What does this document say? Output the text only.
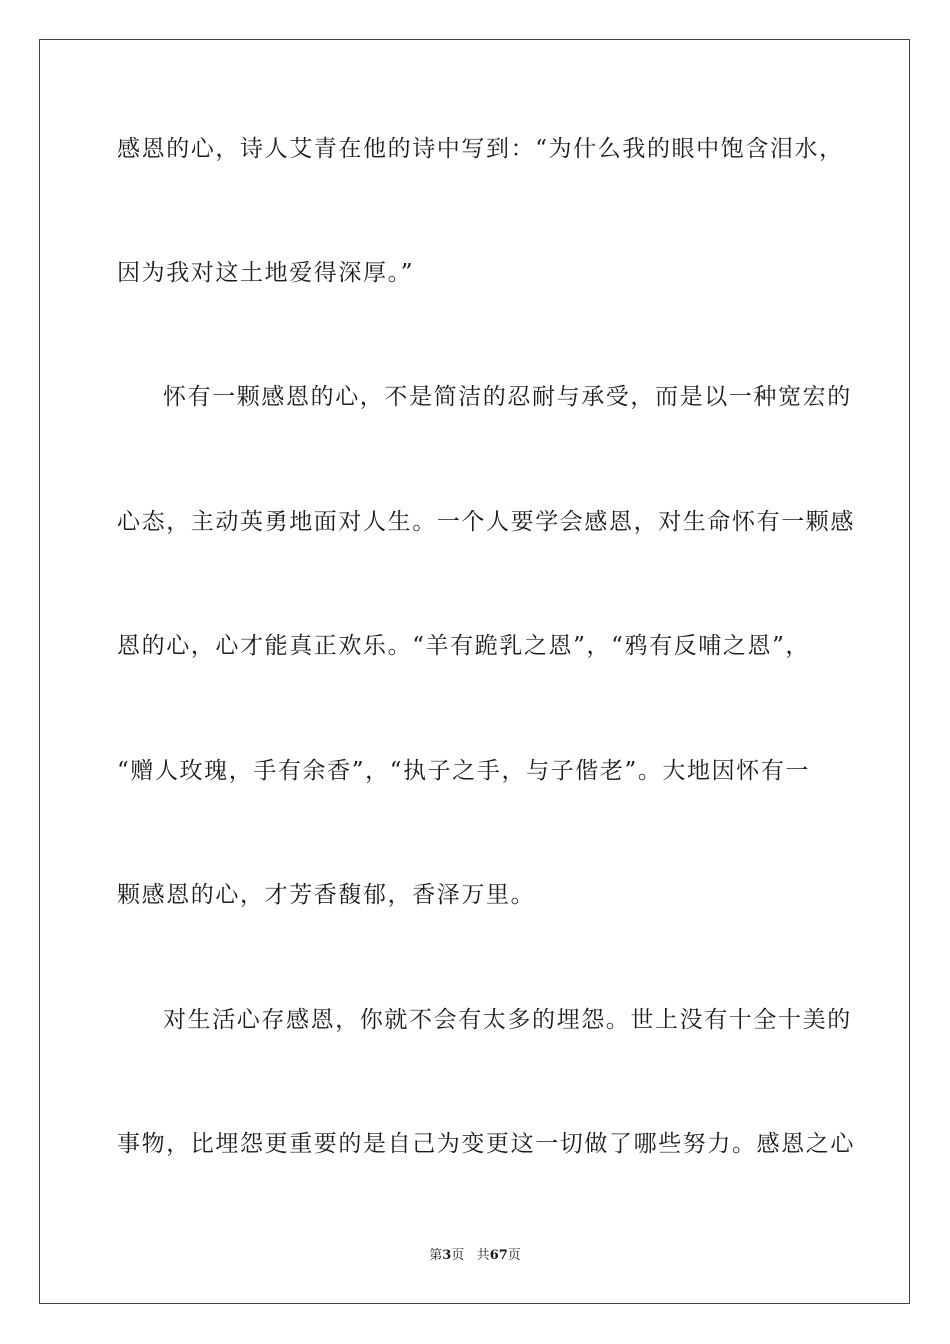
感恩的心，诗人艾青在他的诗中写到：“为什么我的眼中饱含泪水，
因为我对这土地爱得深厚。”
怀有一颗感恩的心，不是简洁的忍耐与承受，而是以一种宽宏的
心态，主动英勇地面对人生。一个人要学会感恩，对生命怀有一颗感
恩的心，心才能真正欢乐。“羊有跪乳之恩”，“鸦有反哺之恩”，
“赠人玫瑰，手有余香”，“执子之手，与子偕老”。大地因怀有一
颗感恩的心，才芳香馥郁，香泽万里。
对生活心存感恩，你就不会有太多的埋怨。世上没有十全十美的
事物，比埋怨更重要的是自己为变更这一切做了哪些努力。感恩之心
第3页 共67页
